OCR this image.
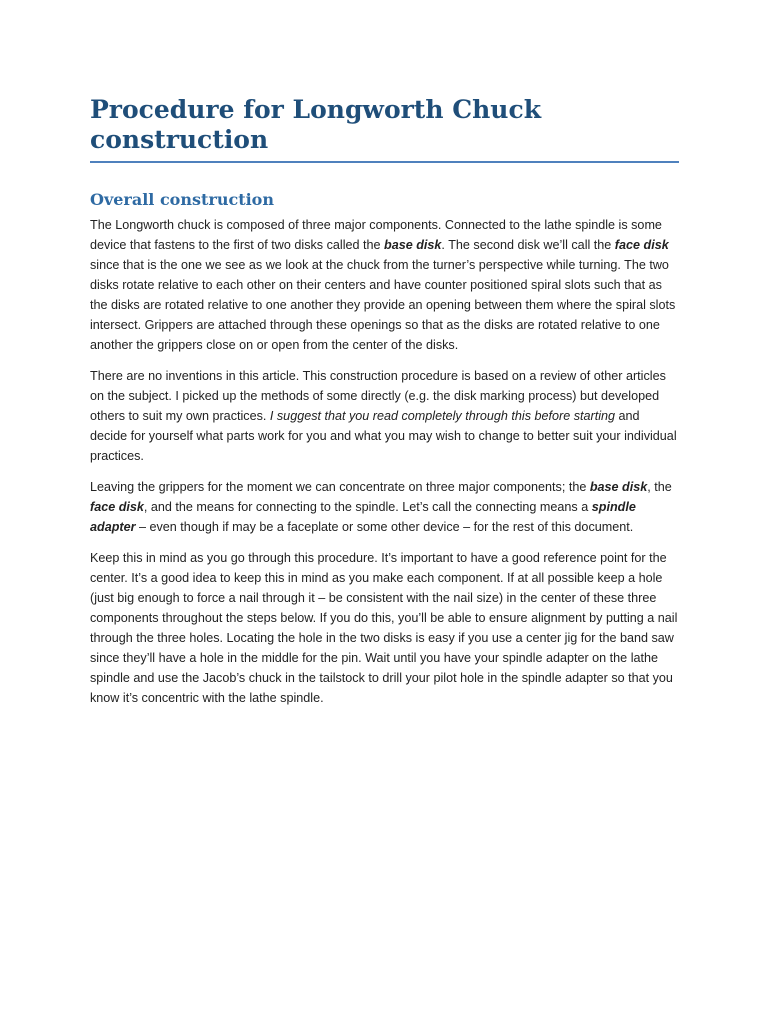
Procedure for Longworth Chuck construction
Overall construction

The Longworth chuck is composed of three major components. Connected to the lathe spindle is some device that fastens to the first of two disks called the base disk. The second disk we’ll call the face disk since that is the one we see as we look at the chuck from the turner’s perspective while turning. The two disks rotate relative to each other on their centers and have counter positioned spiral slots such that as the disks are rotated relative to one another they provide an opening between them where the spiral slots intersect. Grippers are attached through these openings so that as the disks are rotated relative to one another the grippers close on or open from the center of the disks.

There are no inventions in this article. This construction procedure is based on a review of other articles on the subject. I picked up the methods of some directly (e.g. the disk marking process) but developed others to suit my own practices. I suggest that you read completely through this before starting and decide for yourself what parts work for you and what you may wish to change to better suit your individual practices.

Leaving the grippers for the moment we can concentrate on three major components; the base disk, the face disk, and the means for connecting to the spindle. Let’s call the connecting means a spindle adapter – even though if may be a faceplate or some other device – for the rest of this document.

Keep this in mind as you go through this procedure. It’s important to have a good reference point for the center. It’s a good idea to keep this in mind as you make each component. If at all possible keep a hole (just big enough to force a nail through it – be consistent with the nail size) in the center of these three components throughout the steps below. If you do this, you’ll be able to ensure alignment by putting a nail through the three holes. Locating the hole in the two disks is easy if you use a center jig for the band saw since they’ll have a hole in the middle for the pin. Wait until you have your spindle adapter on the lathe spindle and use the Jacob’s chuck in the tailstock to drill your pilot hole in the spindle adapter so that you know it’s concentric with the lathe spindle.
